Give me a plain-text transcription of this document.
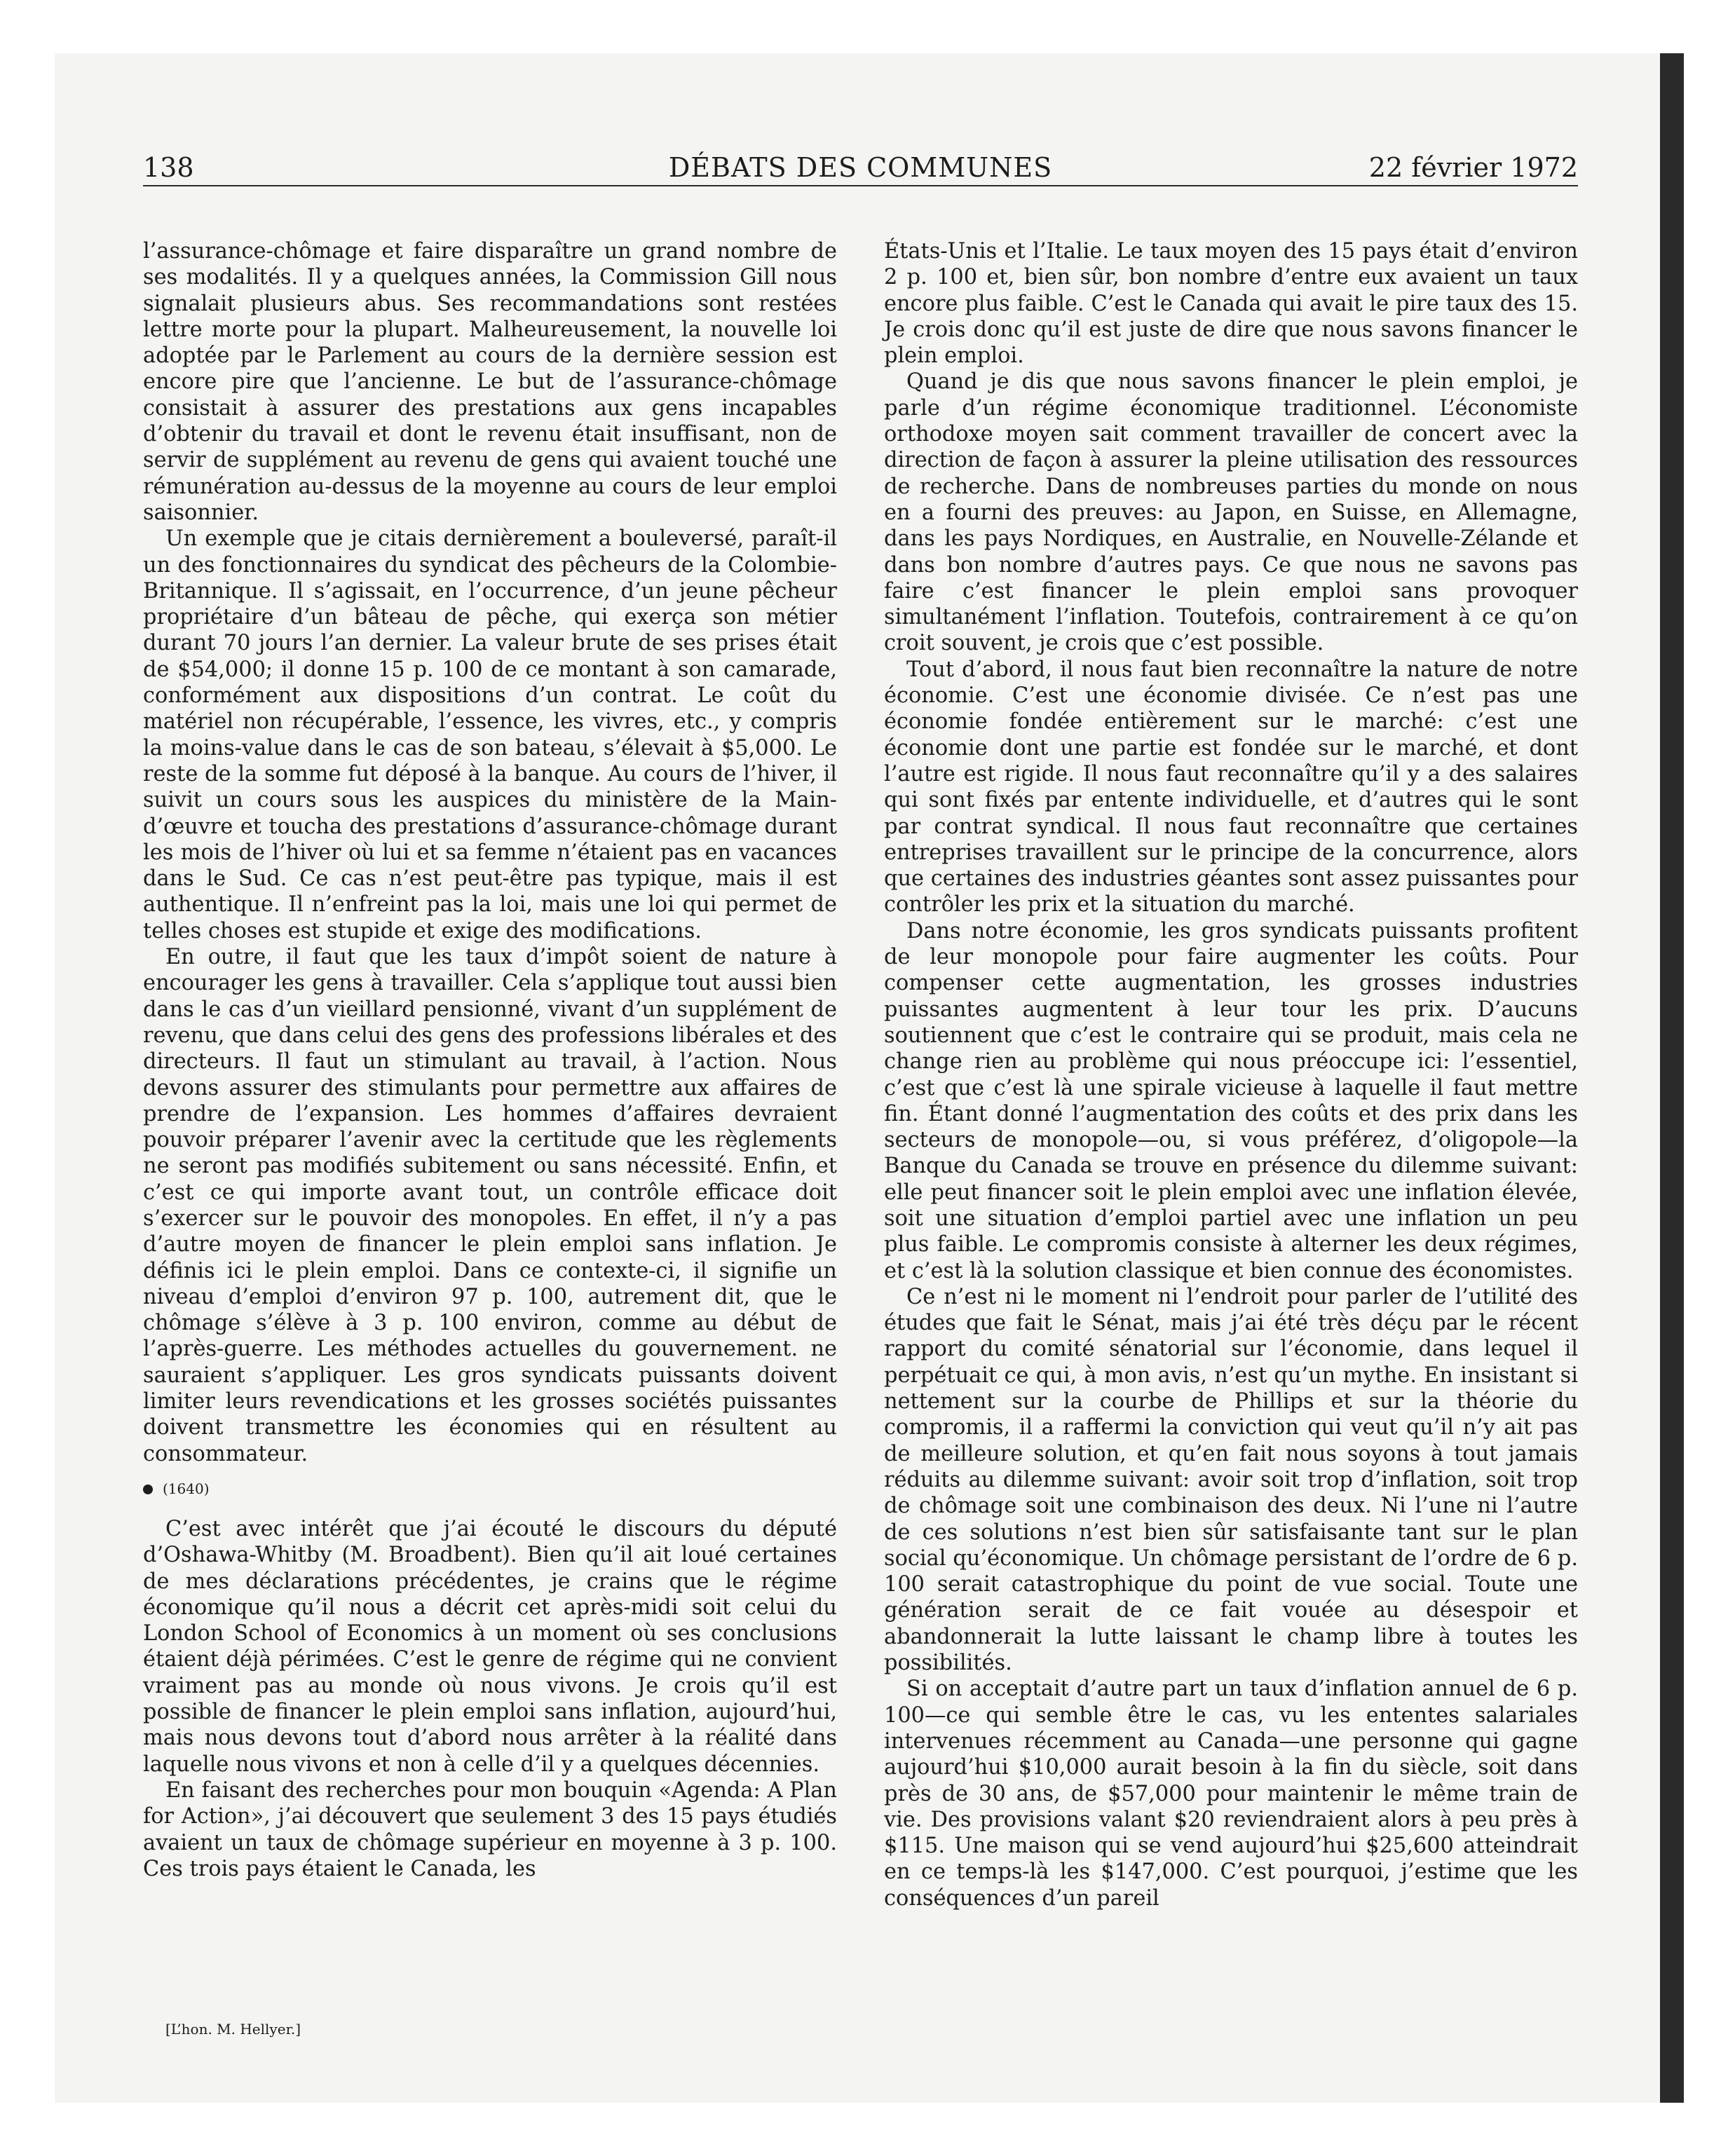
138	DÉBATS DES COMMUNES	22 février 1972

l’assurance-chômage et faire disparaître un grand nombre de ses modalités. Il y a quelques années, la Commission Gill nous signalait plusieurs abus. Ses recommandations sont restées lettre morte pour la plupart. Malheureusement, la nouvelle loi adoptée par le Parlement au cours de la dernière session est encore pire que l’ancienne. Le but de l’assurance-chômage consistait à assurer des prestations aux gens incapables d’obtenir du travail et dont le revenu était insuffisant, non de servir de supplément au revenu de gens qui avaient touché une rémunération au-dessus de la moyenne au cours de leur emploi saisonnier.

Un exemple que je citais dernièrement a bouleversé, paraît-il un des fonctionnaires du syndicat des pêcheurs de la Colombie-Britannique. Il s’agissait, en l’occurrence, d’un jeune pêcheur propriétaire d’un bâteau de pêche, qui exerça son métier durant 70 jours l’an dernier. La valeur brute de ses prises était de $54,000; il donne 15 p. 100 de ce montant à son camarade, conformément aux dispositions d’un contrat. Le coût du matériel non récupérable, l’essence, les vivres, etc., y compris la moins-value dans le cas de son bateau, s’élevait à $5,000. Le reste de la somme fut déposé à la banque. Au cours de l’hiver, il suivit un cours sous les auspices du ministère de la Main-d’œuvre et toucha des prestations d’assurance-chômage durant les mois de l’hiver où lui et sa femme n’étaient pas en vacances dans le Sud. Ce cas n’est peut-être pas typique, mais il est authentique. Il n’enfreint pas la loi, mais une loi qui permet de telles choses est stupide et exige des modifications.

En outre, il faut que les taux d’impôt soient de nature à encourager les gens à travailler. Cela s’applique tout aussi bien dans le cas d’un vieillard pensionné, vivant d’un supplément de revenu, que dans celui des gens des professions libérales et des directeurs. Il faut un stimulant au travail, à l’action. Nous devons assurer des stimulants pour permettre aux affaires de prendre de l’expansion. Les hommes d’affaires devraient pouvoir préparer l’avenir avec la certitude que les règlements ne seront pas modifiés subitement ou sans nécessité. Enfin, et c’est ce qui importe avant tout, un contrôle efficace doit s’exercer sur le pouvoir des monopoles. En effet, il n’y a pas d’autre moyen de financer le plein emploi sans inflation. Je définis ici le plein emploi. Dans ce contexte-ci, il signifie un niveau d’emploi d’environ 97 p. 100, autrement dit, que le chômage s’élève à 3 p. 100 environ, comme au début de l’après-guerre. Les méthodes actuelles du gouvernement. ne sauraient s’appliquer. Les gros syndicats puissants doivent limiter leurs revendications et les grosses sociétés puissantes doivent transmettre les économies qui en résultent au consommateur.

(1640)

C’est avec intérêt que j’ai écouté le discours du député d’Oshawa-Whitby (M. Broadbent). Bien qu’il ait loué certaines de mes déclarations précédentes, je crains que le régime économique qu’il nous a décrit cet après-midi soit celui du London School of Economics à un moment où ses conclusions étaient déjà périmées. C’est le genre de régime qui ne convient vraiment pas au monde où nous vivons. Je crois qu’il est possible de financer le plein emploi sans inflation, aujourd’hui, mais nous devons tout d’abord nous arrêter à la réalité dans laquelle nous vivons et non à celle d’il y a quelques décennies.

En faisant des recherches pour mon bouquin «Agenda: A Plan for Action», j’ai découvert que seulement 3 des 15 pays étudiés avaient un taux de chômage supérieur en moyenne à 3 p. 100. Ces trois pays étaient le Canada, les

États-Unis et l’Italie. Le taux moyen des 15 pays était d’environ 2 p. 100 et, bien sûr, bon nombre d’entre eux avaient un taux encore plus faible. C’est le Canada qui avait le pire taux des 15. Je crois donc qu’il est juste de dire que nous savons financer le plein emploi.

Quand je dis que nous savons financer le plein emploi, je parle d’un régime économique traditionnel. L’économiste orthodoxe moyen sait comment travailler de concert avec la direction de façon à assurer la pleine utilisation des ressources de recherche. Dans de nombreuses parties du monde on nous en a fourni des preuves: au Japon, en Suisse, en Allemagne, dans les pays Nordiques, en Australie, en Nouvelle-Zélande et dans bon nombre d’autres pays. Ce que nous ne savons pas faire c’est financer le plein emploi sans provoquer simultanément l’inflation. Toutefois, contrairement à ce qu’on croit souvent, je crois que c’est possible.

Tout d’abord, il nous faut bien reconnaître la nature de notre économie. C’est une économie divisée. Ce n’est pas une économie fondée entièrement sur le marché: c’est une économie dont une partie est fondée sur le marché, et dont l’autre est rigide. Il nous faut reconnaître qu’il y a des salaires qui sont fixés par entente individuelle, et d’autres qui le sont par contrat syndical. Il nous faut reconnaître que certaines entreprises travaillent sur le principe de la concurrence, alors que certaines des industries géantes sont assez puissantes pour contrôler les prix et la situation du marché.

Dans notre économie, les gros syndicats puissants profitent de leur monopole pour faire augmenter les coûts. Pour compenser cette augmentation, les grosses industries puissantes augmentent à leur tour les prix. D’aucuns soutiennent que c’est le contraire qui se produit, mais cela ne change rien au problème qui nous préoccupe ici: l’essentiel, c’est que c’est là une spirale vicieuse à laquelle il faut mettre fin. Étant donné l’augmentation des coûts et des prix dans les secteurs de monopole—ou, si vous préférez, d’oligopole—la Banque du Canada se trouve en présence du dilemme suivant: elle peut financer soit le plein emploi avec une inflation élevée, soit une situation d’emploi partiel avec une inflation un peu plus faible. Le compromis consiste à alterner les deux régimes, et c’est là la solution classique et bien connue des économistes.

Ce n’est ni le moment ni l’endroit pour parler de l’utilité des études que fait le Sénat, mais j’ai été très déçu par le récent rapport du comité sénatorial sur l’économie, dans lequel il perpétuait ce qui, à mon avis, n’est qu’un mythe. En insistant si nettement sur la courbe de Phillips et sur la théorie du compromis, il a raffermi la conviction qui veut qu’il n’y ait pas de meilleure solution, et qu’en fait nous soyons à tout jamais réduits au dilemme suivant: avoir soit trop d’inflation, soit trop de chômage soit une combinaison des deux. Ni l’une ni l’autre de ces solutions n’est bien sûr satisfaisante tant sur le plan social qu’économique. Un chômage persistant de l’ordre de 6 p. 100 serait catastrophique du point de vue social. Toute une génération serait de ce fait vouée au désespoir et abandonnerait la lutte laissant le champ libre à toutes les possibilités.

Si on acceptait d’autre part un taux d’inflation annuel de 6 p. 100—ce qui semble être le cas, vu les ententes salariales intervenues récemment au Canada—une personne qui gagne aujourd’hui $10,000 aurait besoin à la fin du siècle, soit dans près de 30 ans, de $57,000 pour maintenir le même train de vie. Des provisions valant $20 reviendraient alors à peu près à $115. Une maison qui se vend aujourd’hui $25,600 atteindrait en ce temps-là les $147,000. C’est pourquoi, j’estime que les conséquences d’un pareil

[L’hon. M. Hellyer.]
